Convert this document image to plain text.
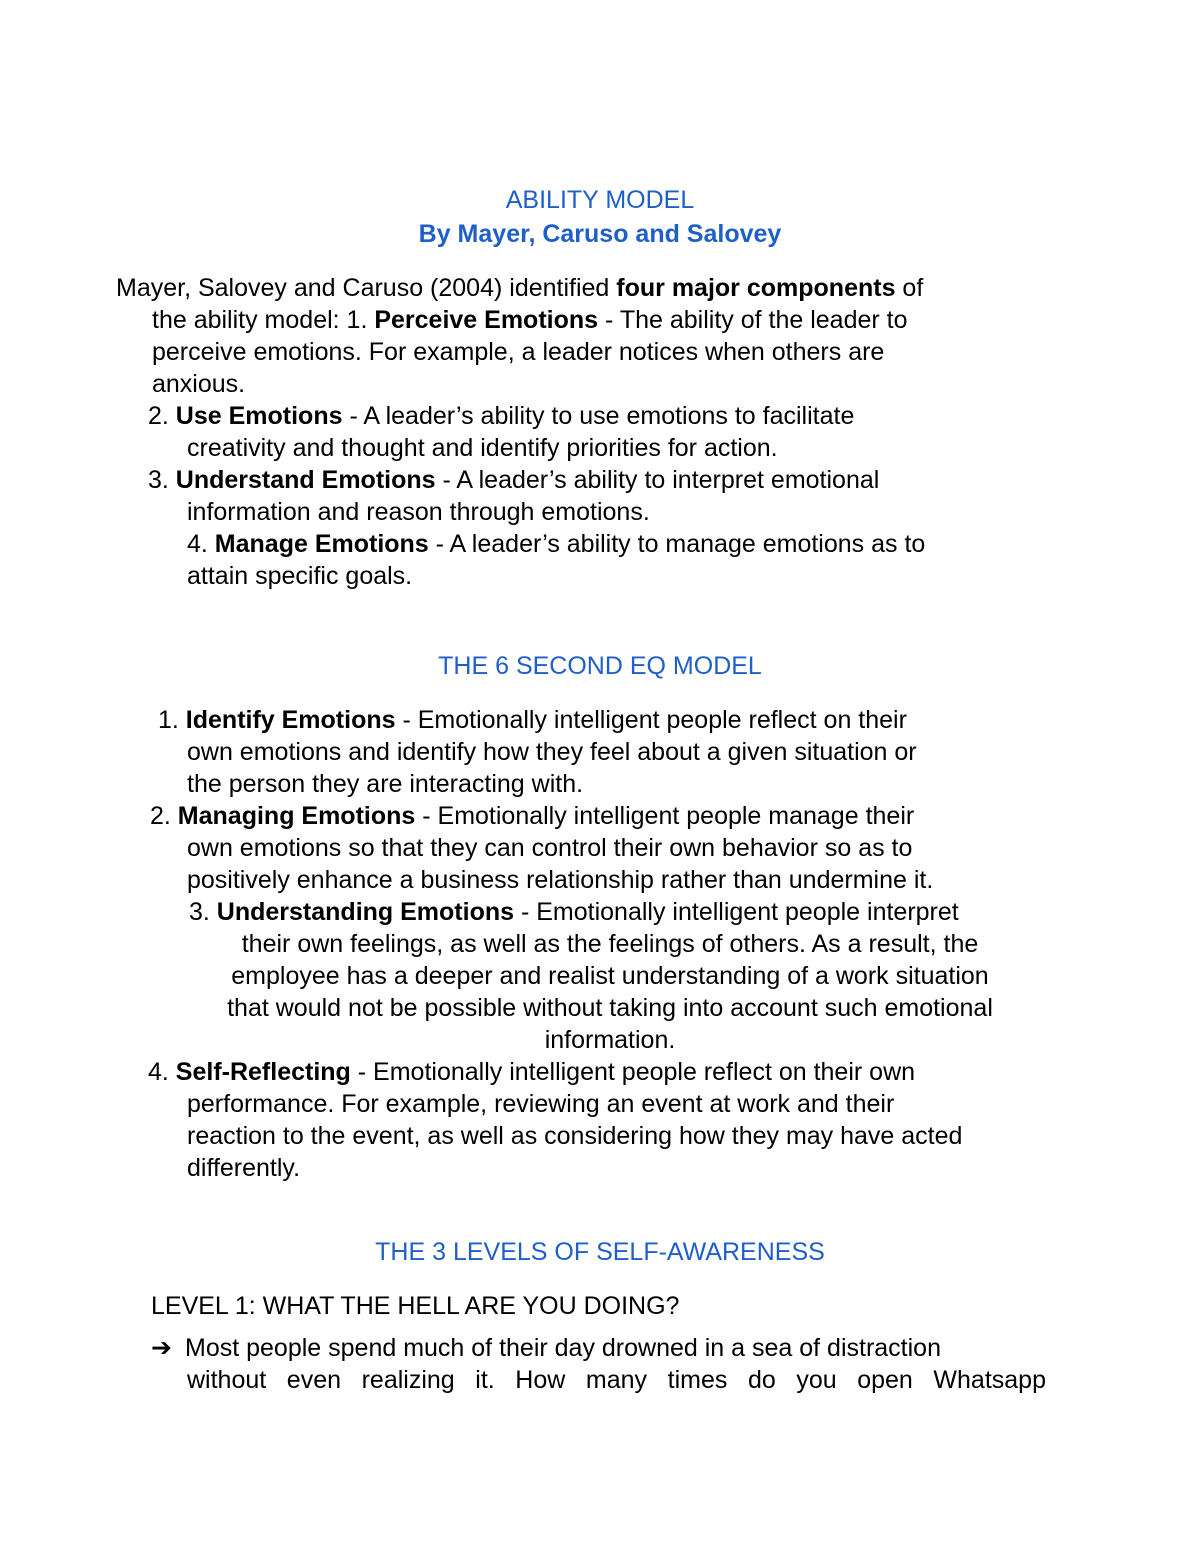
ABILITY MODEL
By Mayer, Caruso and Salovey
Mayer, Salovey and Caruso (2004) identified four major components of
the ability model: 1. Perceive Emotions - The ability of the leader to
perceive emotions. For example, a leader notices when others are
anxious.
2. Use Emotions - A leader’s ability to use emotions to facilitate
creativity and thought and identify priorities for action.
3. Understand Emotions - A leader’s ability to interpret emotional
information and reason through emotions.
4. Manage Emotions - A leader’s ability to manage emotions as to
attain specific goals.
THE 6 SECOND EQ MODEL
1. Identify Emotions - Emotionally intelligent people reflect on their
own emotions and identify how they feel about a given situation or
the person they are interacting with.
2. Managing Emotions - Emotionally intelligent people manage their
own emotions so that they can control their own behavior so as to
positively enhance a business relationship rather than undermine it.
3. Understanding Emotions - Emotionally intelligent people interpret
their own feelings, as well as the feelings of others. As a result, the
employee has a deeper and realist understanding of a work situation
that would not be possible without taking into account such emotional
information.
4. Self-Reflecting - Emotionally intelligent people reflect on their own
performance. For example, reviewing an event at work and their
reaction to the event, as well as considering how they may have acted
differently.
THE 3 LEVELS OF SELF-AWARENESS
LEVEL 1: WHAT THE HELL ARE YOU DOING?
➔ Most people spend much of their day drowned in a sea of distraction
without even realizing it. How many times do you open Whatsapp
